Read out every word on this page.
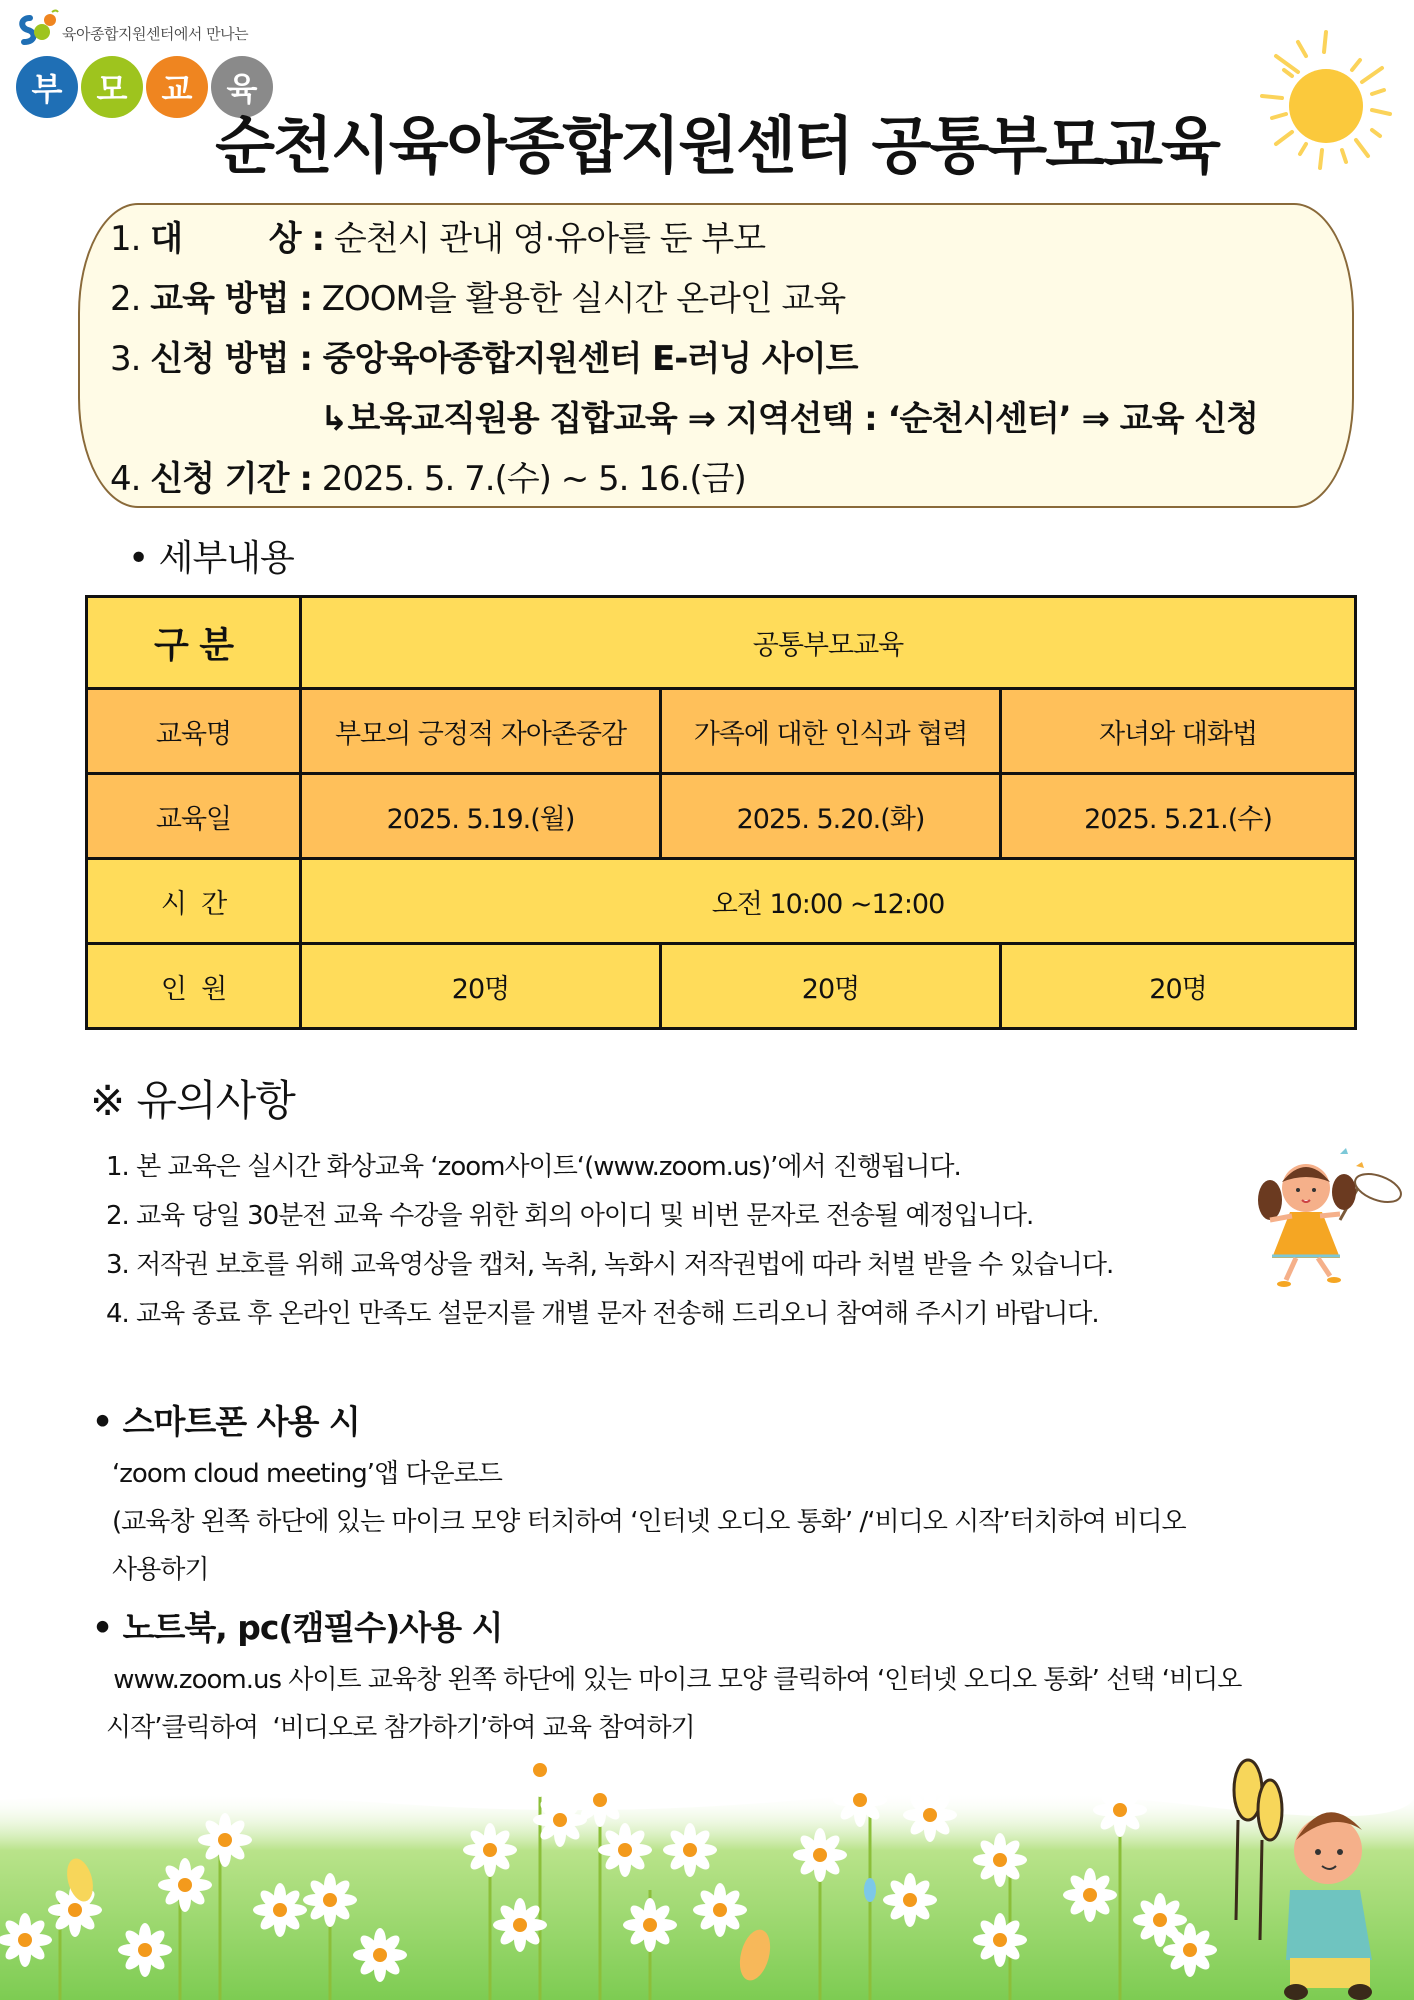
육아종합지원센터에서 만나는
부	모	교	육
순천시육아종합지원센터 공통부모교육
1. 대        상 : 순천시 관내 영·유아를 둔 부모
2. 교육 방법 : ZOOM을 활용한 실시간 온라인 교육
3. 신청 방법 : 중앙육아종합지원센터 E-러닝 사이트
↳보육교직원용 집합교육 ⇒ 지역선택 : ‘순천시센터’ ⇒ 교육 신청
4. 신청 기간 : 2025. 5. 7.(수) ~ 5. 16.(금)
• 세부내용
구 분	공통부모교육		
교육명	부모의 긍정적 자아존중감	가족에 대한 인식과 협력	자녀와 대화법
교육일	2025. 5.19.(월)	2025. 5.20.(화)	2025. 5.21.(수)
시  간	오전 10:00 ~12:00		
인  원	20명	20명	20명
※ 유의사항
1. 본 교육은 실시간 화상교육 ‘zoom사이트‘(www.zoom.us)’에서 진행됩니다.
2. 교육 당일 30분전 교육 수강을 위한 회의 아이디 및 비번 문자로 전송될 예정입니다.
3. 저작권 보호를 위해 교육영상을 캡처, 녹취, 녹화시 저작권법에 따라 처벌 받을 수 있습니다.
4. 교육 종료 후 온라인 만족도 설문지를 개별 문자 전송해 드리오니 참여해 주시기 바랍니다.
• 스마트폰 사용 시
‘zoom cloud meeting’앱 다운로드
(교육창 왼쪽 하단에 있는 마이크 모양 터치하여 ‘인터넷 오디오 통화’ /‘비디오 시작’터치하여 비디오
사용하기
• 노트북, pc(캠필수)사용 시
www.zoom.us 사이트 교육창 왼쪽 하단에 있는 마이크 모양 클릭하여 ‘인터넷 오디오 통화’ 선택 ‘비디오
시작’클릭하여  ‘비디오로 참가하기’하여 교육 참여하기
